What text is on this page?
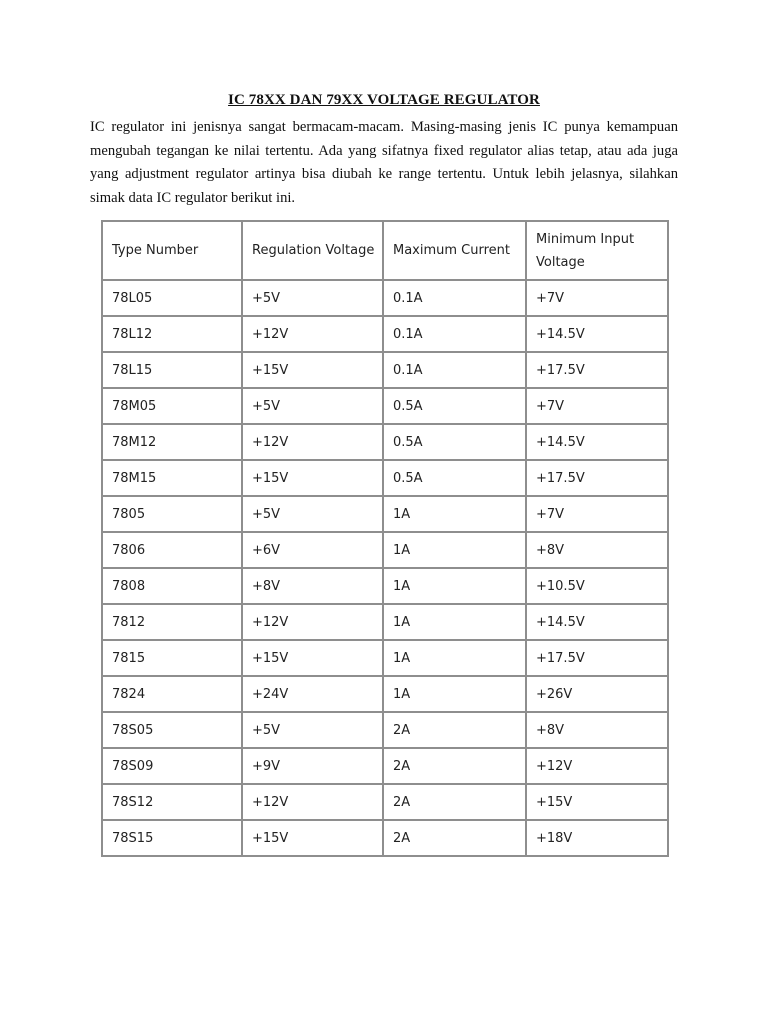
IC 78XX DAN 79XX VOLTAGE REGULATOR

IC regulator ini jenisnya sangat bermacam-macam. Masing-masing jenis IC punya kemampuan mengubah tegangan ke nilai tertentu. Ada yang sifatnya fixed regulator alias tetap, atau ada juga yang adjustment regulator artinya bisa diubah ke range tertentu. Untuk lebih jelasnya, silahkan simak data IC regulator berikut ini.

Type Number	Regulation Voltage	Maximum Current	Minimum Input Voltage
78L05	+5V	0.1A	+7V
78L12	+12V	0.1A	+14.5V
78L15	+15V	0.1A	+17.5V
78M05	+5V	0.5A	+7V
78M12	+12V	0.5A	+14.5V
78M15	+15V	0.5A	+17.5V
7805	+5V	1A	+7V
7806	+6V	1A	+8V
7808	+8V	1A	+10.5V
7812	+12V	1A	+14.5V
7815	+15V	1A	+17.5V
7824	+24V	1A	+26V
78S05	+5V	2A	+8V
78S09	+9V	2A	+12V
78S12	+12V	2A	+15V
78S15	+15V	2A	+18V
